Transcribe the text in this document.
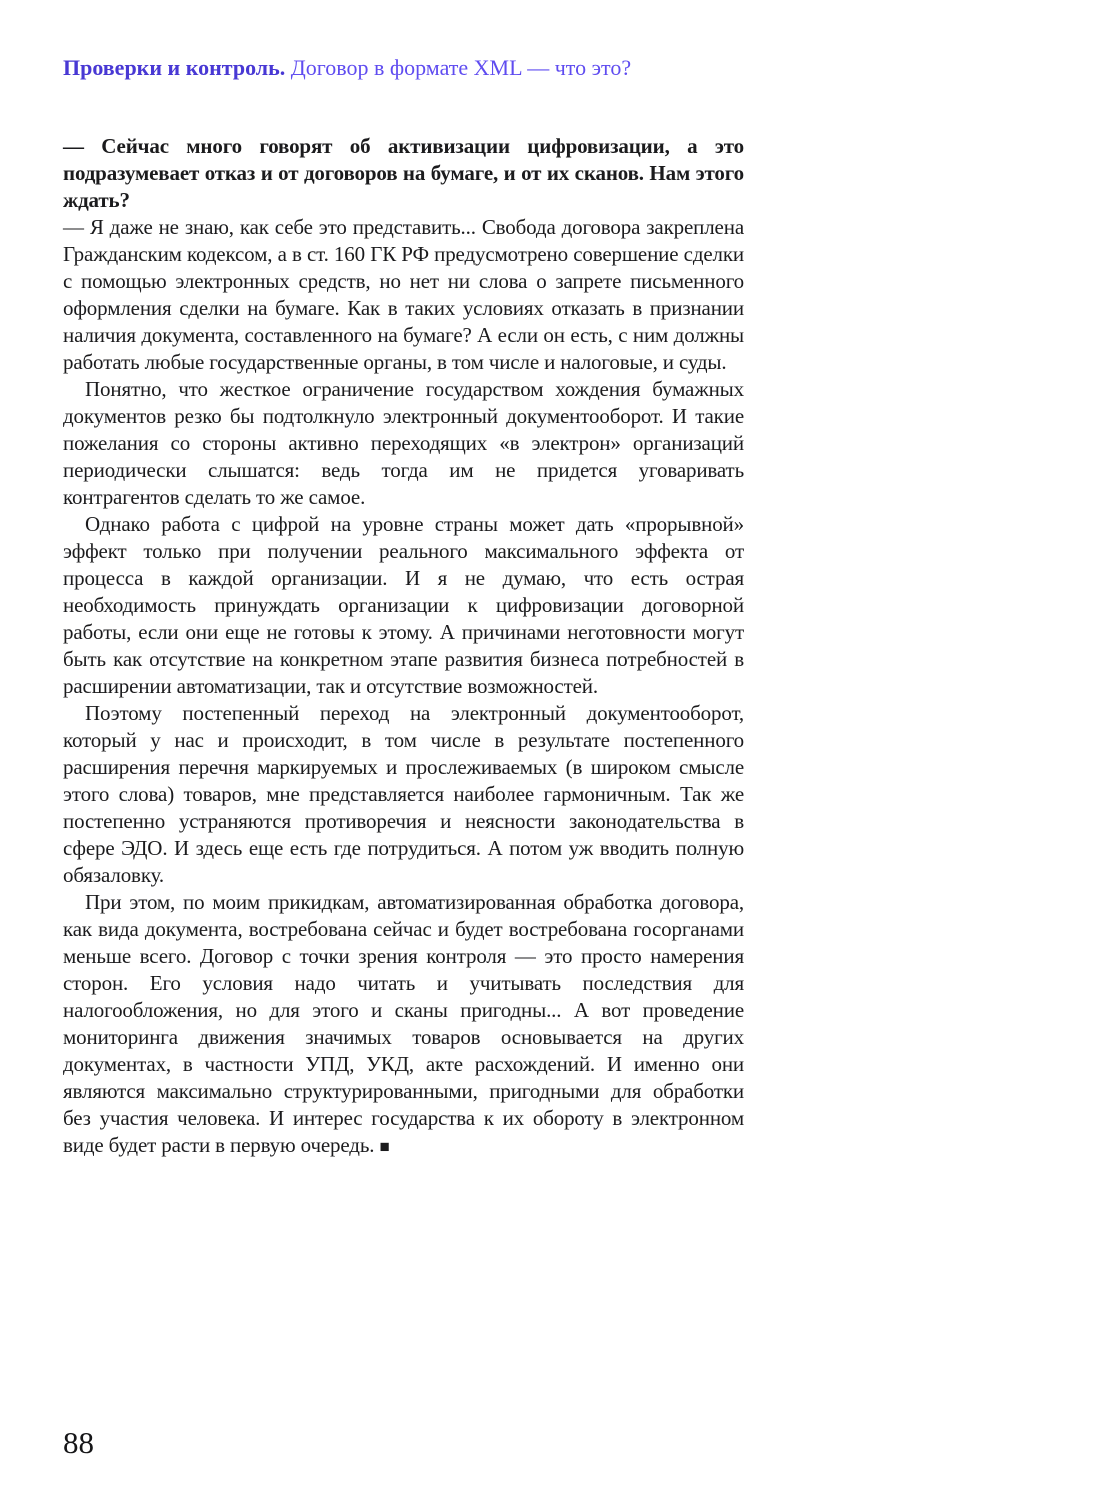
Проверки и контроль. Договор в формате XML — что это?

— Сейчас много говорят об активизации цифровизации, а это подразумевает отказ и от договоров на бумаге, и от их сканов. Нам этого ждать?

— Я даже не знаю, как себе это представить... Свобода договора закреплена Гражданским кодексом, а в ст. 160 ГК РФ предусмотрено совершение сделки с помощью электронных средств, но нет ни слова о запрете письменного оформления сделки на бумаге. Как в таких условиях отказать в признании наличия документа, составленного на бумаге? А если он есть, с ним должны работать любые государственные органы, в том числе и налоговые, и суды.

Понятно, что жесткое ограничение государством хождения бумажных документов резко бы подтолкнуло электронный документооборот. И такие пожелания со стороны активно переходящих «в электрон» организаций периодически слышатся: ведь тогда им не придется уговаривать контрагентов сделать то же самое.

Однако работа с цифрой на уровне страны может дать «прорывной» эффект только при получении реального максимального эффекта от процесса в каждой организации. И я не думаю, что есть острая необходимость принуждать организации к цифровизации договорной работы, если они еще не готовы к этому. А причинами неготовности могут быть как отсутствие на конкретном этапе развития бизнеса потребностей в расширении автоматизации, так и отсутствие возможностей.

Поэтому постепенный переход на электронный документооборот, который у нас и происходит, в том числе в результате постепенного расширения перечня маркируемых и прослеживаемых (в широком смысле этого слова) товаров, мне представляется наиболее гармоничным. Так же постепенно устраняются противоречия и неясности законодательства в сфере ЭДО. И здесь еще есть где потрудиться. А потом уж вводить полную обязаловку.

При этом, по моим прикидкам, автоматизированная обработка договора, как вида документа, востребована сейчас и будет востребована госорганами меньше всего. Договор с точки зрения контроля — это просто намерения сторон. Его условия надо читать и учитывать последствия для налогообложения, но для этого и сканы пригодны... А вот проведение мониторинга движения значимых товаров основывается на других документах, в частности УПД, УКД, акте расхождений. И именно они являются максимально структурированными, пригодными для обработки без участия человека. И интерес государства к их обороту в электронном виде будет расти в первую очередь. ■

88
